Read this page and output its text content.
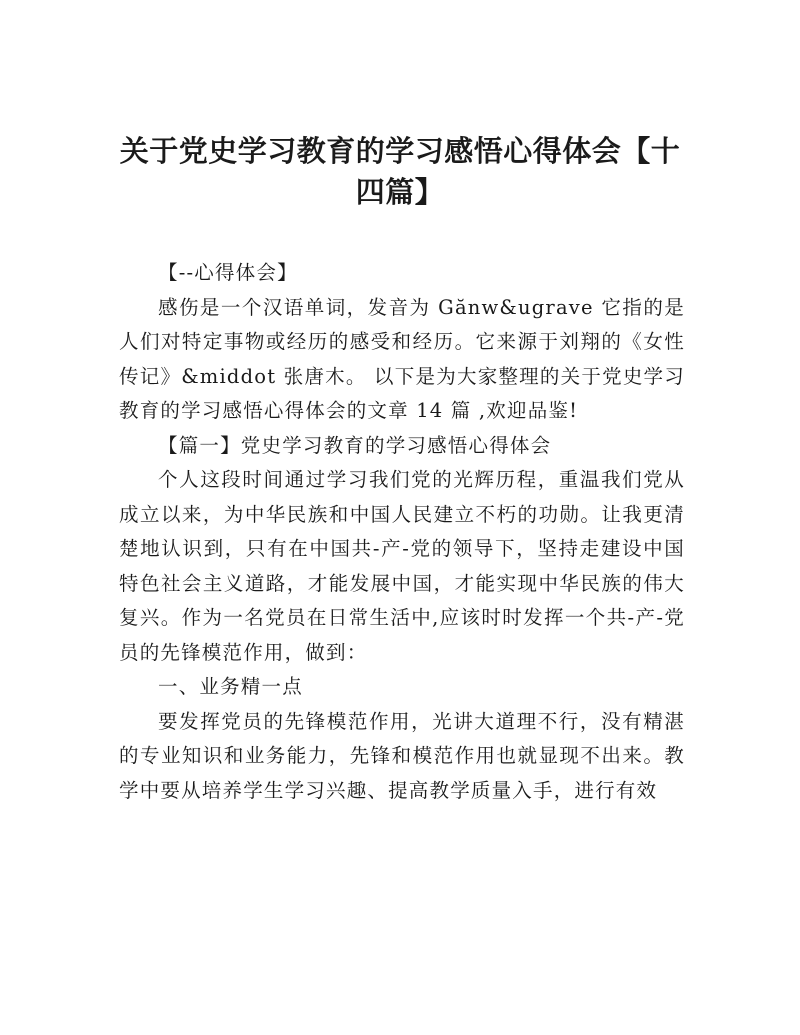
关于党史学习教育的学习感悟心得体会【十四篇】

【--心得体会】

感伤是一个汉语单词，发音为 Gănw&ugrave 它指的是人们对特定事物或经历的感受和经历。它来源于刘翔的《女性传记》&middot 张唐木。 以下是为大家整理的关于党史学习教育的学习感悟心得体会的文章 14 篇 ,欢迎品鉴!

【篇一】党史学习教育的学习感悟心得体会

个人这段时间通过学习我们党的光辉历程，重温我们党从成立以来，为中华民族和中国人民建立不朽的功勋。让我更清楚地认识到，只有在中国共-产-党的领导下，坚持走建设中国特色社会主义道路，才能发展中国，才能实现中华民族的伟大复兴。作为一名党员在日常生活中,应该时时发挥一个共-产-党员的先锋模范作用，做到：

一、业务精一点

要发挥党员的先锋模范作用，光讲大道理不行，没有精湛的专业知识和业务能力，先锋和模范作用也就显现不出来。教学中要从培养学生学习兴趣、提高教学质量入手，进行有效
